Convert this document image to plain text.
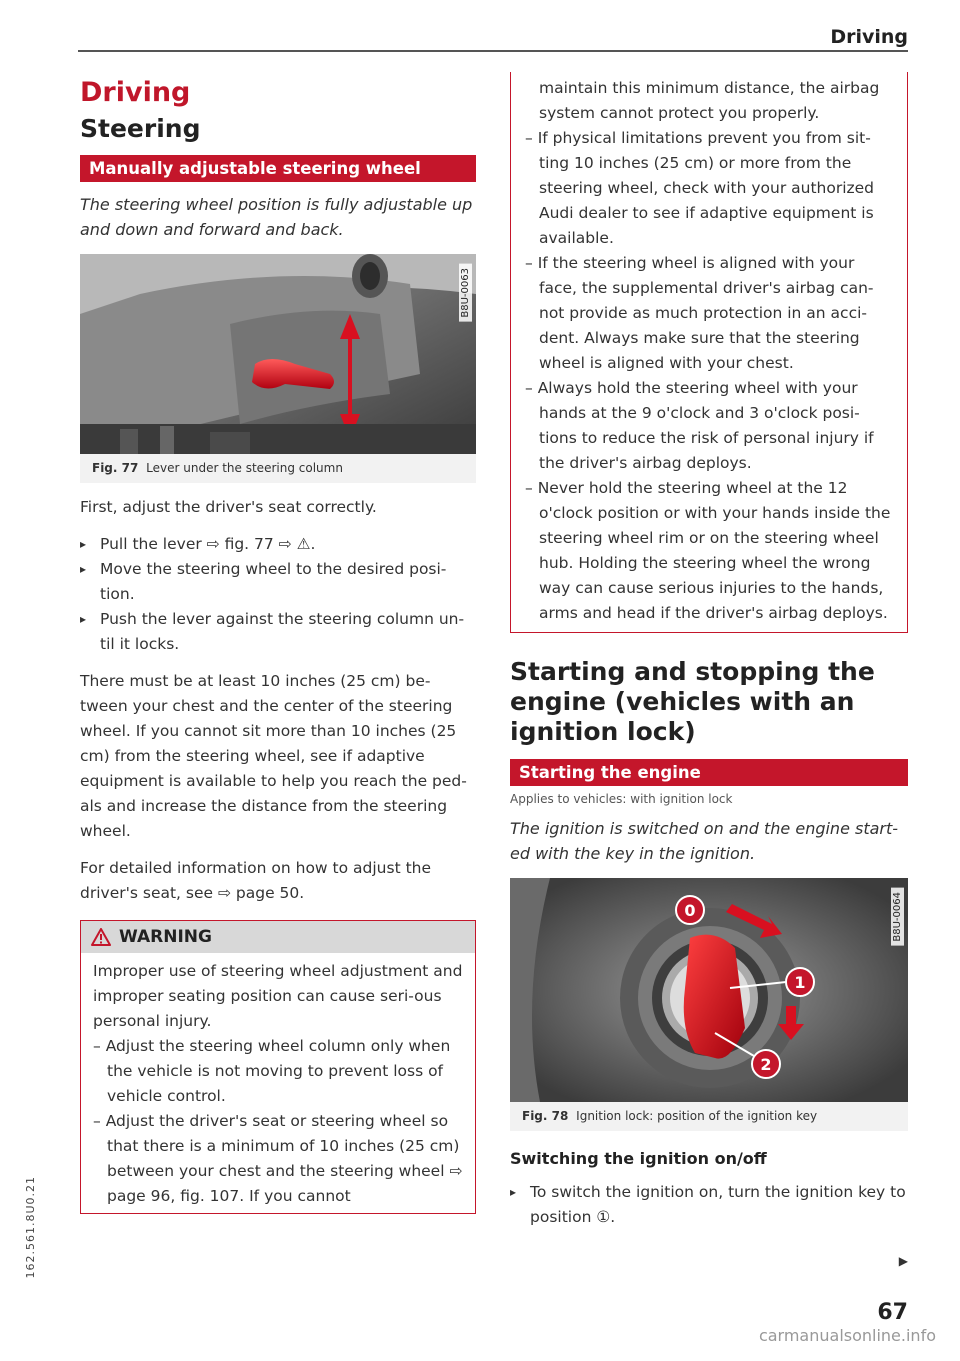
Driving
Driving
Steering
Manually adjustable steering wheel
The steering wheel position is fully adjustable up and down and forward and back.
B8U-0063
Fig. 77 Lever under the steering column
First, adjust the driver's seat correctly.
▸ Pull the lever ⇨ fig. 77 ⇨ ⚠.
▸ Move the steering wheel to the desired posi-tion.
▸ Push the lever against the steering column un-til it locks.
There must be at least 10 inches (25 cm) be-tween your chest and the center of the steering wheel. If you cannot sit more than 10 inches (25 cm) from the steering wheel, see if adaptive equipment is available to help you reach the ped-als and increase the distance from the steering wheel.
For detailed information on how to adjust the driver's seat, see ⇨ page 50.
WARNING
Improper use of steering wheel adjustment and improper seating position can cause seri-ous personal injury.
– Adjust the steering wheel column only when the vehicle is not moving to prevent loss of vehicle control.
– Adjust the driver's seat or steering wheel so that there is a minimum of 10 inches (25 cm) between your chest and the steering wheel ⇨ page 96, fig. 107. If you cannot
maintain this minimum distance, the airbag system cannot protect you properly.
– If physical limitations prevent you from sit-ting 10 inches (25 cm) or more from the steering wheel, check with your authorized Audi dealer to see if adaptive equipment is available.
– If the steering wheel is aligned with your face, the supplemental driver's airbag can-not provide as much protection in an acci-dent. Always make sure that the steering wheel is aligned with your chest.
– Always hold the steering wheel with your hands at the 9 o'clock and 3 o'clock posi-tions to reduce the risk of personal injury if the driver's airbag deploys.
– Never hold the steering wheel at the 12 o'clock position or with your hands inside the steering wheel rim or on the steering wheel hub. Holding the steering wheel the wrong way can cause serious injuries to the hands, arms and head if the driver's airbag deploys.
Starting and stopping the engine (vehicles with an ignition lock)
Starting the engine
Applies to vehicles: with ignition lock
The ignition is switched on and the engine start-ed with the key in the ignition.
0
1
2
B8U-0064
Fig. 78 Ignition lock: position of the ignition key
Switching the ignition on/off
▸ To switch the ignition on, turn the ignition key to position ①.
▶
67
162.561.8U0.21
carmanualsonline.info
